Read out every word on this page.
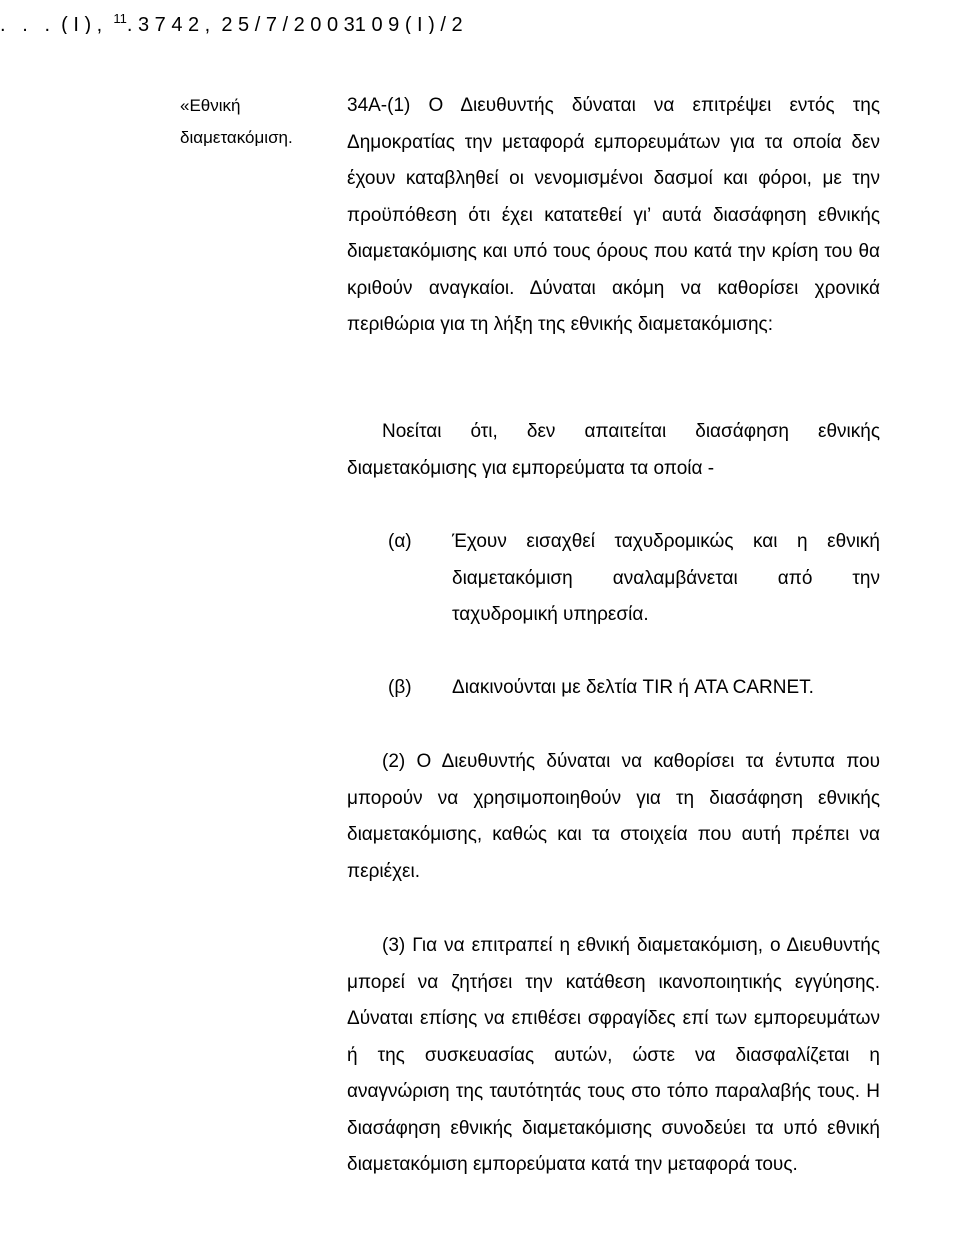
.   .   .  ( Ι ) ,  $^{11}$. 3 7 4 2 ,  2 5 / 7 / 2 0 0 31 0 9 ( Ι ) / 2
«Εθνική διαμετακόμιση.
34Α-(1) Ο Διευθυντής δύναται να επιτρέψει εντός της Δημοκρατίας την μεταφορά εμπορευμάτων για τα οποία δεν έχουν καταβληθεί οι νενομισμένοι δασμοί και φόροι, με την προϋπόθεση ότι έχει κατατεθεί γι’ αυτά διασάφηση εθνικής διαμετακόμισης και υπό τους όρους που κατά την κρίση του θα κριθούν αναγκαίοι. Δύναται ακόμη να καθορίσει χρονικά περιθώρια για τη λήξη της εθνικής διαμετακόμισης:
Νοείται ότι, δεν απαιτείται διασάφηση εθνικής διαμετακόμισης για εμπορεύματα τα οποία -
(α) Έχουν εισαχθεί ταχυδρομικώς και η εθνική διαμετακόμιση αναλαμβάνεται από την ταχυδρομική υπηρεσία.
(β) Διακινούνται με δελτία TIR ή ATA CARNET.
(2) Ο Διευθυντής δύναται να καθορίσει τα έντυπα που μπορούν να χρησιμοποιηθούν για τη διασάφηση εθνικής διαμετακόμισης, καθώς και τα στοιχεία που αυτή πρέπει να περιέχει.
(3) Για να επιτραπεί η εθνική διαμετακόμιση, ο Διευθυντής μπορεί να ζητήσει την κατάθεση ικανοποιητικής εγγύησης. Δύναται επίσης να επιθέσει σφραγίδες επί των εμπορευμάτων ή της συσκευασίας αυτών, ώστε να διασφαλίζεται η αναγνώριση της ταυτότητάς τους στο τόπο παραλαβής τους. Η διασάφηση εθνικής διαμετακόμισης συνοδεύει τα υπό εθνική διαμετακόμιση εμπορεύματα κατά την μεταφορά τους.
